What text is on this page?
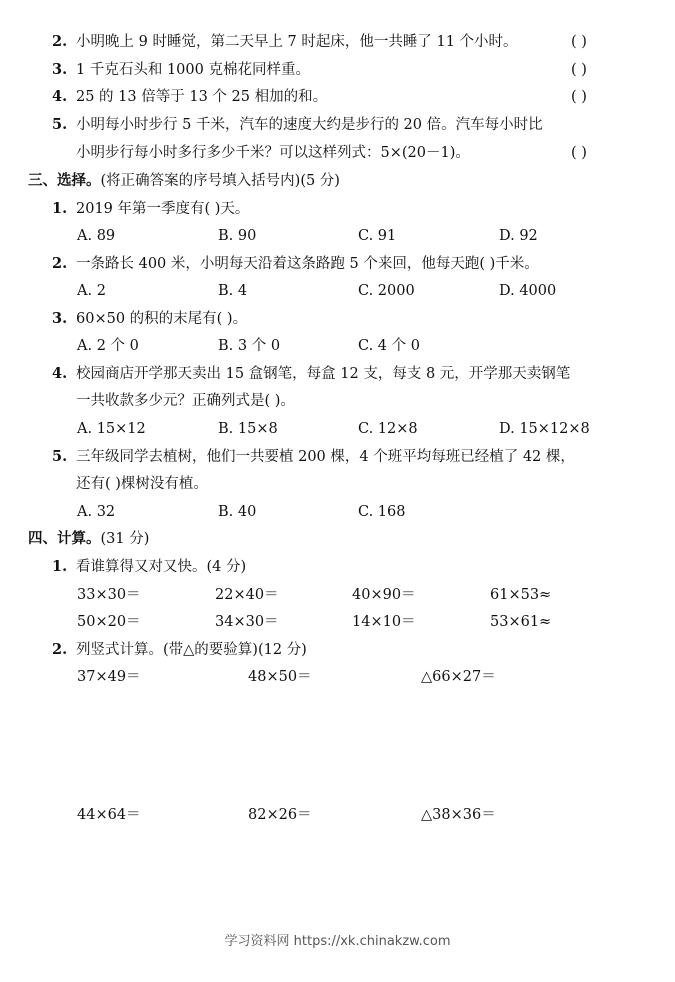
2. 小明晚上 9 时睡觉，第二天早上 7 时起床，他一共睡了 11 个小时。	( )
3. 1 千克石头和 1000 克棉花同样重。	( )
4. 25 的 13 倍等于 13 个 25 相加的和。	( )
5. 小明每小时步行 5 千米，汽车的速度大约是步行的 20 倍。汽车每小时比
小明步行每小时多行多少千米？可以这样列式：5×(20－1)。	( )
三、选择。(将正确答案的序号填入括号内)(5 分)
1. 2019 年第一季度有( )天。
A. 89	B. 90	C. 91	D. 92
2. 一条路长 400 米，小明每天沿着这条路跑 5 个来回，他每天跑( )千米。
A. 2	B. 4	C. 2000	D. 4000
3. 60×50 的积的末尾有( )。
A. 2 个 0	B. 3 个 0	C. 4 个 0
4. 校园商店开学那天卖出 15 盒钢笔，每盒 12 支，每支 8 元，开学那天卖钢笔
一共收款多少元？正确列式是( )。
A. 15×12	B. 15×8	C. 12×8	D. 15×12×8
5. 三年级同学去植树，他们一共要植 200 棵，4 个班平均每班已经植了 42 棵，
还有( )棵树没有植。
A. 32	B. 40	C. 168
四、计算。(31 分)
1. 看谁算得又对又快。(4 分)
33×30＝	22×40＝	40×90＝	61×53≈
50×20＝	34×30＝	14×10＝	53×61≈
2. 列竖式计算。(带△的要验算)(12 分)
37×49＝	48×50＝	△66×27＝
44×64＝	82×26＝	△38×36＝
学习资料网 https://xk.chinakzw.com
